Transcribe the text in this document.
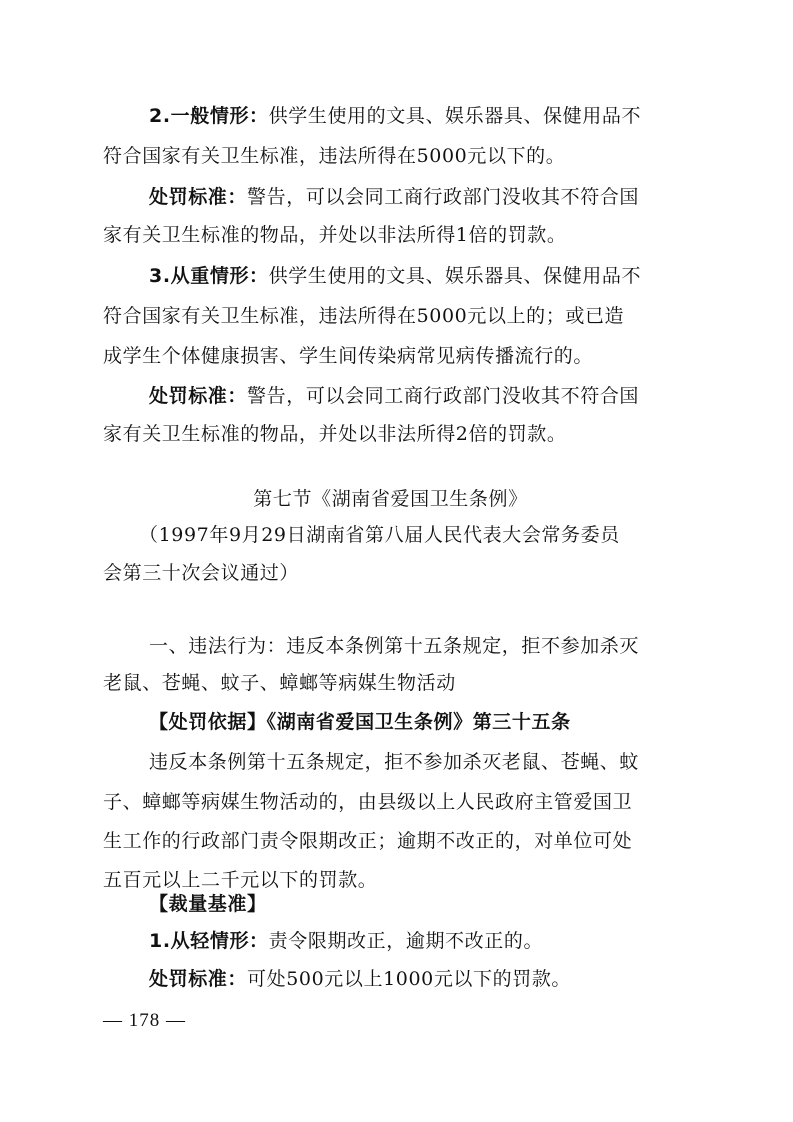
2.一般情形：供学生使用的文具、娱乐器具、保健用品不
符合国家有关卫生标准，违法所得在5000元以下的。
处罚标准：警告，可以会同工商行政部门没收其不符合国
家有关卫生标准的物品，并处以非法所得1倍的罚款。
3.从重情形：供学生使用的文具、娱乐器具、保健用品不
符合国家有关卫生标准，违法所得在5000元以上的；或已造
成学生个体健康损害、学生间传染病常见病传播流行的。
处罚标准：警告，可以会同工商行政部门没收其不符合国
家有关卫生标准的物品，并处以非法所得2倍的罚款。
第七节《湖南省爱国卫生条例》
（1997年9月29日湖南省第八届人民代表大会常务委员
会第三十次会议通过）
一、违法行为：违反本条例第十五条规定，拒不参加杀灭
老鼠、苍蝇、蚊子、蟑螂等病媒生物活动
【处罚依据】《湖南省爱国卫生条例》第三十五条
违反本条例第十五条规定，拒不参加杀灭老鼠、苍蝇、蚊
子、蟑螂等病媒生物活动的，由县级以上人民政府主管爱国卫
生工作的行政部门责令限期改正；逾期不改正的，对单位可处
五百元以上二千元以下的罚款。
【裁量基准】
1.从轻情形：责令限期改正，逾期不改正的。
处罚标准：可处500元以上1000元以下的罚款。
— 178 —
